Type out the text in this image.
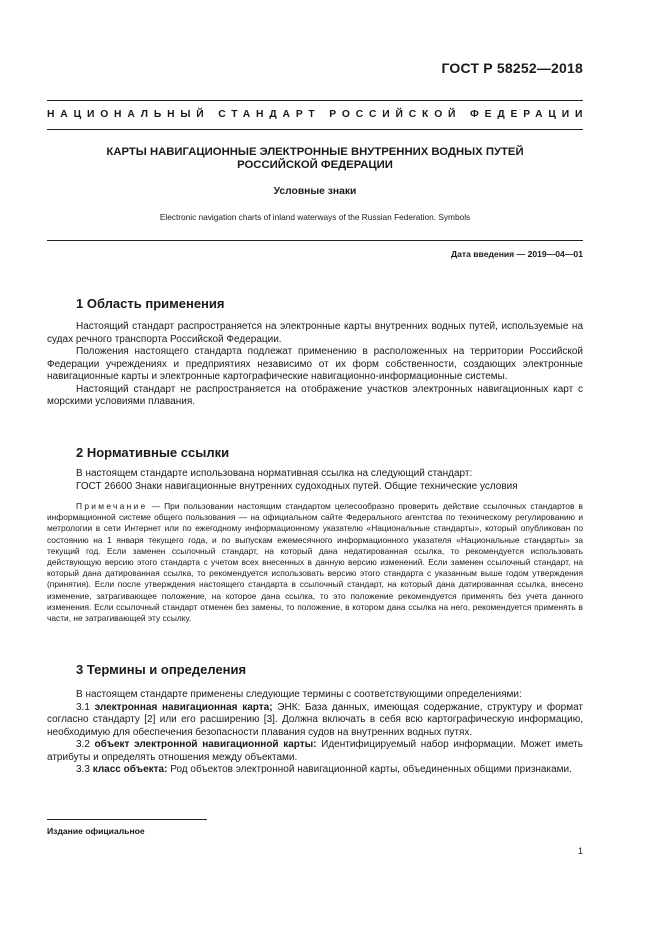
ГОСТ Р 58252—2018
НАЦИОНАЛЬНЫЙ СТАНДАРТ РОССИЙСКОЙ ФЕДЕРАЦИИ
КАРТЫ НАВИГАЦИОННЫЕ ЭЛЕКТРОННЫЕ ВНУТРЕННИХ ВОДНЫХ ПУТЕЙ
РОССИЙСКОЙ ФЕДЕРАЦИИ
Условные знаки
Electronic navigation charts of inland waterways of the Russian Federation. Symbols
Дата введения — 2019—04—01
1 Область применения

Настоящий стандарт распространяется на электронные карты внутренних водных путей, используемые на судах речного транспорта Российской Федерации.

Положения настоящего стандарта подлежат применению в расположенных на территории Российской Федерации учреждениях и предприятиях независимо от их форм собственности, создающих электронные навигационные карты и электронные картографические навигационно-информационные системы.

Настоящий стандарт не распространяется на отображение участков электронных навигационных карт с морскими условиями плавания.

2 Нормативные ссылки

В настоящем стандарте использована нормативная ссылка на следующий стандарт:

ГОСТ 26600 Знаки навигационные внутренних судоходных путей. Общие технические условия

Примечание — При пользовании настоящим стандартом целесообразно проверить действие ссылочных стандартов в информационной системе общего пользования — на официальном сайте Федерального агентства по техническому регулированию и метрологии в сети Интернет или по ежегодному информационному указателю «Национальные стандарты», который опубликован по состоянию на 1 января текущего года, и по выпускам ежемесячного информационного указателя «Национальные стандарты» за текущий год. Если заменен ссылочный стандарт, на который дана недатированная ссылка, то рекомендуется использовать действующую версию этого стандарта с учетом всех внесенных в данную версию изменений. Если заменен ссылочный стандарт, на который дана датированная ссылка, то рекомендуется использовать версию этого стандарта с указанным выше годом утверждения (принятия). Если после утверждения настоящего стандарта в ссылочный стандарт, на который дана датированная ссылка, внесено изменение, затрагивающее положение, на которое дана ссылка, то это положение рекомендуется применять без учета данного изменения. Если ссылочный стандарт отменен без замены, то положение, в котором дана ссылка на него, рекомендуется применять в части, не затрагивающей эту ссылку.

3 Термины и определения

В настоящем стандарте применены следующие термины с соответствующими определениями:

3.1 электронная навигационная карта; ЭНК: База данных, имеющая содержание, структуру и формат согласно стандарту [2] или его расширению [3]. Должна включать в себя всю картографическую информацию, необходимую для обеспечения безопасности плавания судов на внутренних водных путях.

3.2 объект электронной навигационной карты: Идентифицируемый набор информации. Может иметь атрибуты и определять отношения между объектами.

3.3 класс объекта: Род объектов электронной навигационной карты, объединенных общими признаками.

Издание официальное
1
